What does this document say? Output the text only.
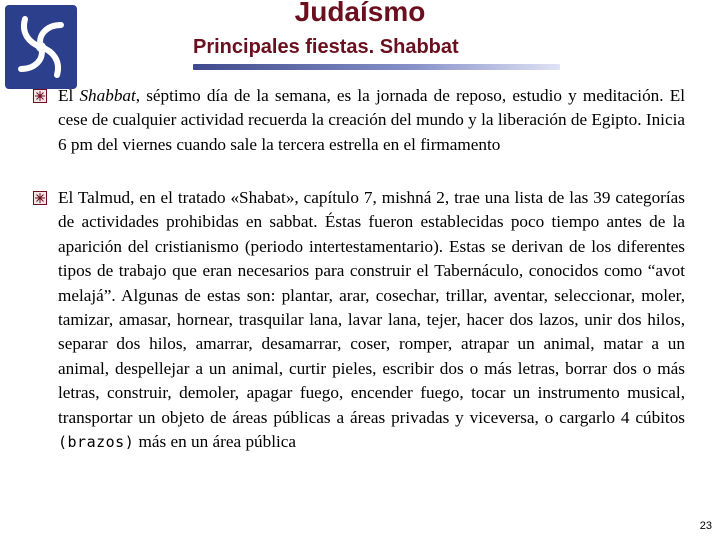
Judaísmo
Principales fiestas. Shabbat
El Shabbat, séptimo día de la semana, es la jornada de reposo, estudio y meditación. El cese de cualquier actividad recuerda la creación del mundo y la liberación de Egipto. Inicia 6 pm del viernes cuando sale la tercera estrella en el firmamento
El Talmud, en el tratado «Shabat», capítulo 7, mishná 2, trae una lista de las 39 categorías de actividades prohibidas en sabbat. Éstas fueron establecidas poco tiempo antes de la aparición del cristianismo (periodo intertestamentario). Estas se derivan de los diferentes tipos de trabajo que eran necesarios para construir el Tabernáculo, conocidos como “avot melajá”. Algunas de estas son: plantar, arar, cosechar, trillar, aventar, seleccionar, moler, tamizar, amasar, hornear, trasquilar lana, lavar lana, tejer, hacer dos lazos, unir dos hilos, separar dos hilos, amarrar, desamarrar, coser, romper, atrapar un animal, matar a un animal, despellejar a un animal, curtir pieles, escribir dos o más letras, borrar dos o más letras, construir, demoler, apagar fuego, encender fuego, tocar un instrumento musical, transportar un objeto de áreas públicas a áreas privadas y viceversa, o cargarlo 4 cúbitos (brazos) más en un área pública
23
